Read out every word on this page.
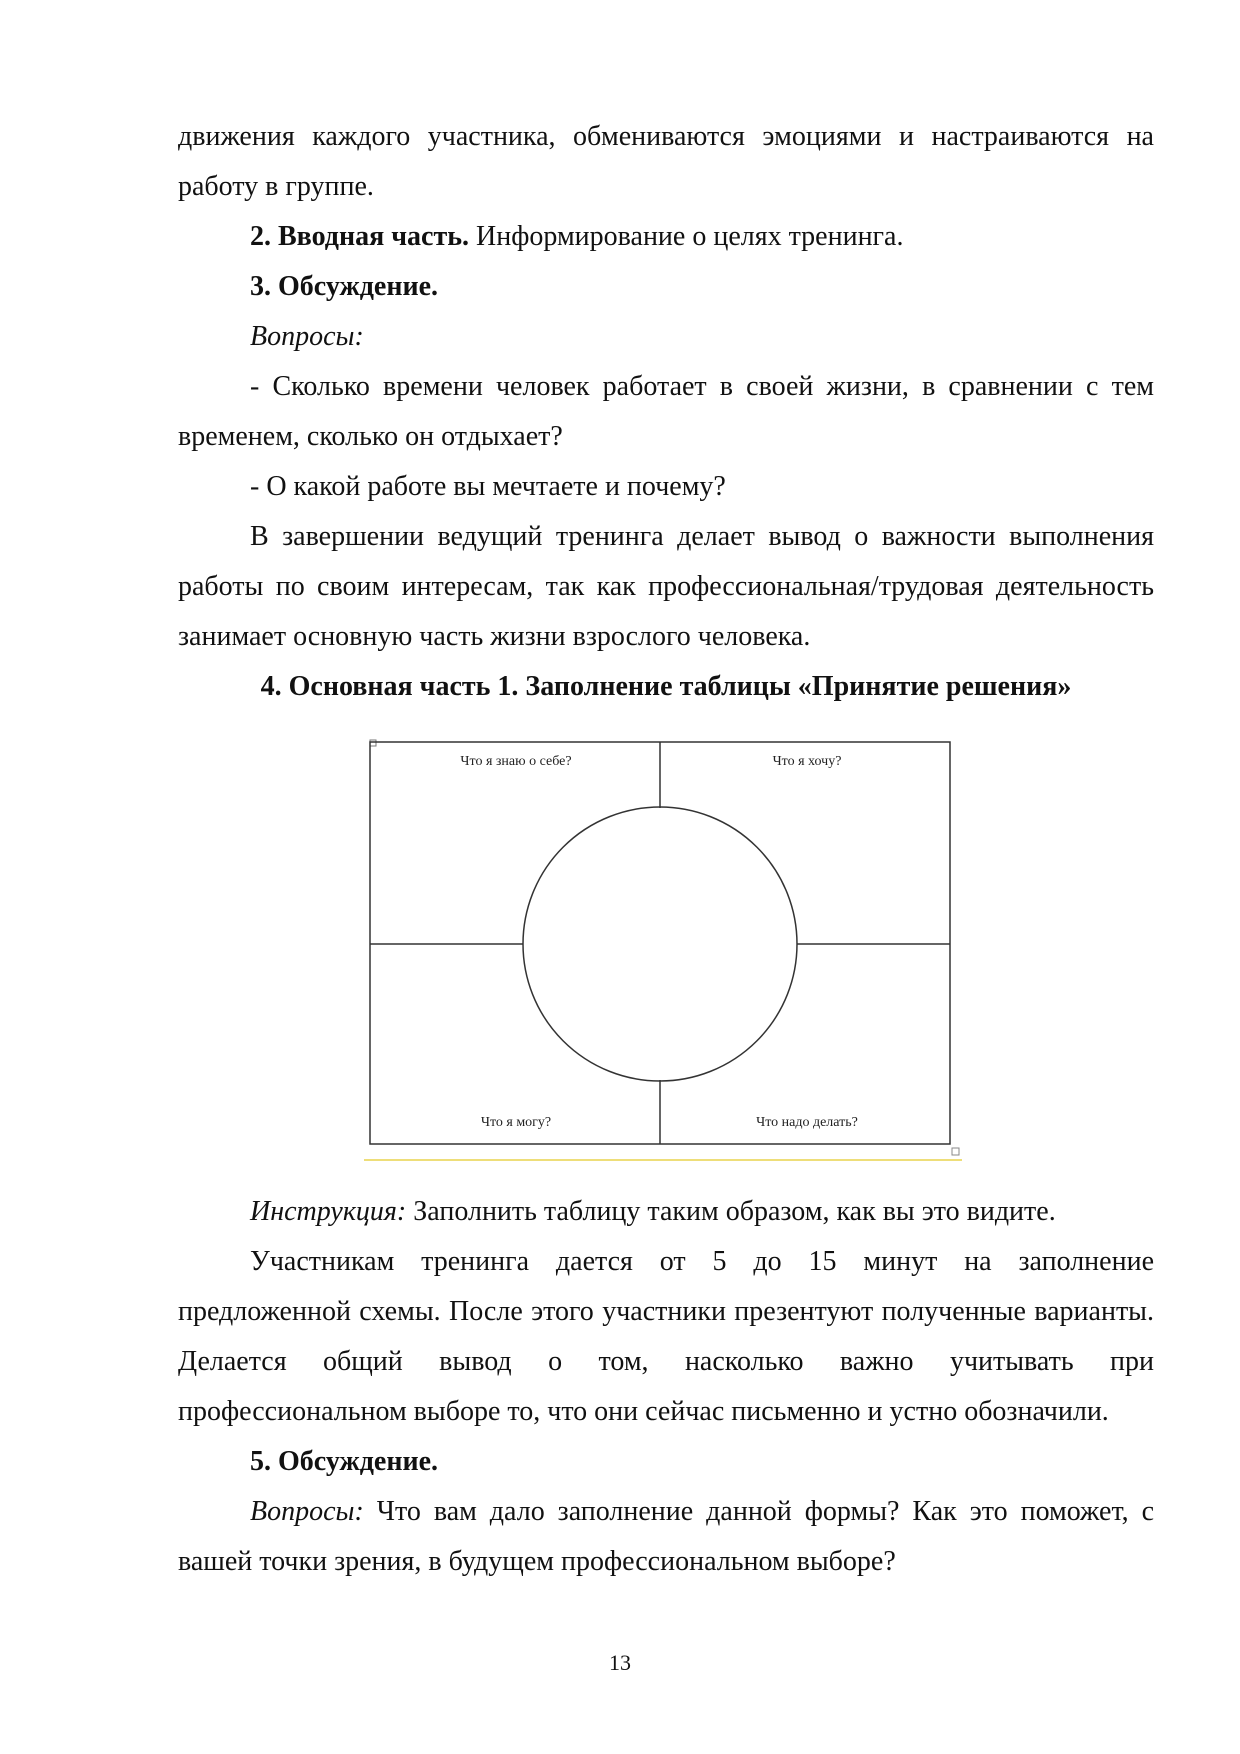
движения каждого участника, обмениваются эмоциями и настраиваются на

работу в группе.

2. Вводная часть. Информирование о целях тренинга.

3. Обсуждение.

Вопросы:

- Сколько времени человек работает в своей жизни, в сравнении с тем временем, сколько он отдыхает?

- О какой работе вы мечтаете и почему?

В завершении ведущий тренинга делает вывод о важности выполнения работы по своим интересам, так как профессиональная/трудовая деятельность занимает основную часть жизни взрослого человека.

4. Основная часть 1. Заполнение таблицы «Принятие решения»

Что я знаю о себе?	Что я хочу?
Что я могу?	Что надо делать?

Инструкция: Заполнить таблицу таким образом, как вы это видите.

Участникам тренинга дается от 5 до 15 минут на заполнение предложенной схемы. После этого участники презентуют полученные варианты. Делается общий вывод о том, насколько важно учитывать при профессиональном выборе то, что они сейчас письменно и устно обозначили.

5. Обсуждение.

Вопросы: Что вам дало заполнение данной формы? Как это поможет, с вашей точки зрения, в будущем профессиональном выборе?

13
